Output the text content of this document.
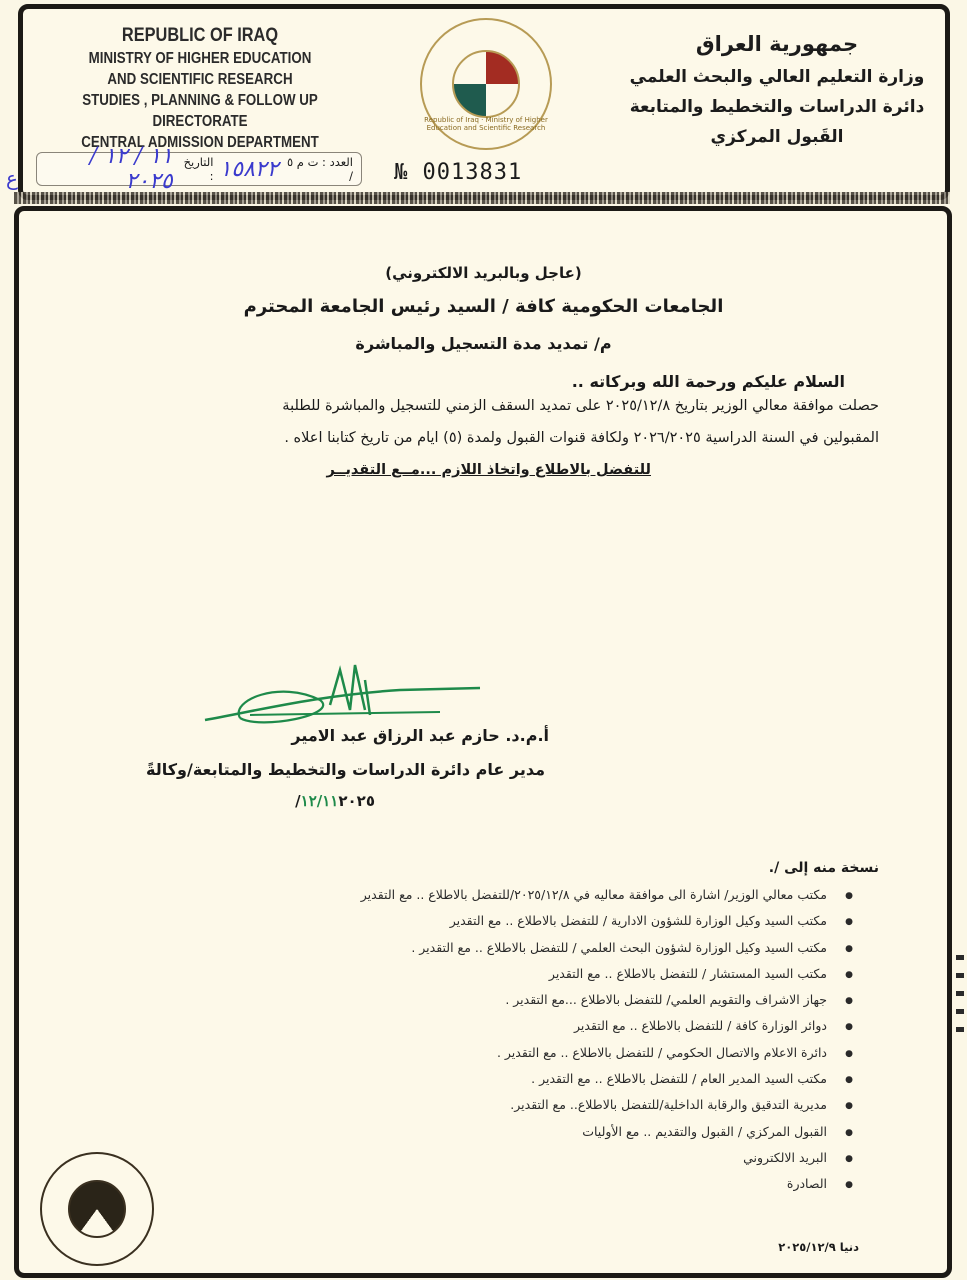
REPUBLIC OF IRAQ
MINISTRY OF HIGHER EDUCATION
AND SCIENTIFIC RESEARCH
STUDIES , PLANNING & FOLLOW UP DIRECTORATE
CENTRAL ADMISSION DEPARTMENT
جمهورية العراق
وزارة التعليم العالي والبحث العلمي
دائرة الدراسات والتخطيط والمتابعة
القَبول المركزي
Republic of Iraq · Ministry of Higher Education and Scientific Research
№ 0013831
ع
العدد : ت م ٥ /
١٥٨٢٢
التاريخ :
١١ / ١٢ / ٢٠٢٥
(عاجل وبالبريد الالكتروني)
الجامعات الحكومية كافة / السيد رئيس الجامعة المحترم
م/ تمديد مدة التسجيل والمباشرة
السلام عليكم ورحمة الله وبركاته ..
حصلت موافقة معالي الوزير بتاريخ ٢٠٢٥/١٢/٨ على تمديد السقف الزمني للتسجيل والمباشرة للطلبة
المقبولين في السنة الدراسية ٢٠٢٦/٢٠٢٥ ولكافة قنوات القبول ولمدة (٥) ايام من تاريخ كتابنا اعلاه .
للتفضل بالاطلاع واتخاذ اللازم ...مــع التقديــر
أ.م.د. حازم عبد الرزاق عبد الامير
مدير عام دائرة الدراسات والتخطيط والمتابعة/وكالةً
١٢/١١٢٠٢٥/
نسخة منه إلى /.
● مكتب معالي الوزير/ اشارة الى موافقة معاليه في ٢٠٢٥/١٢/٨/للتفضل بالاطلاع .. مع التقدير
● مكتب السيد وكيل الوزارة للشؤون الادارية / للتفضل بالاطلاع .. مع التقدير
● مكتب السيد وكيل الوزارة لشؤون البحث العلمي / للتفضل بالاطلاع .. مع التقدير .
● مكتب السيد المستشار / للتفضل بالاطلاع .. مع التقدير
● جهاز الاشراف والتقويم العلمي/ للتفضل بالاطلاع ...مع التقدير .
● دوائر الوزارة كافة / للتفضل بالاطلاع .. مع التقدير
● دائرة الاعلام والاتصال الحكومي / للتفضل بالاطلاع .. مع التقدير .
● مكتب السيد المدير العام / للتفضل بالاطلاع .. مع التقدير .
● مديرية التدقيق والرقابة الداخلية/للتفضل بالاطلاع.. مع التقدير.
● القبول المركزي / القبول والتقديم .. مع الأوليات
● البريد الالكتروني
● الصادرة
دنيا ٢٠٢٥/١٢/٩
